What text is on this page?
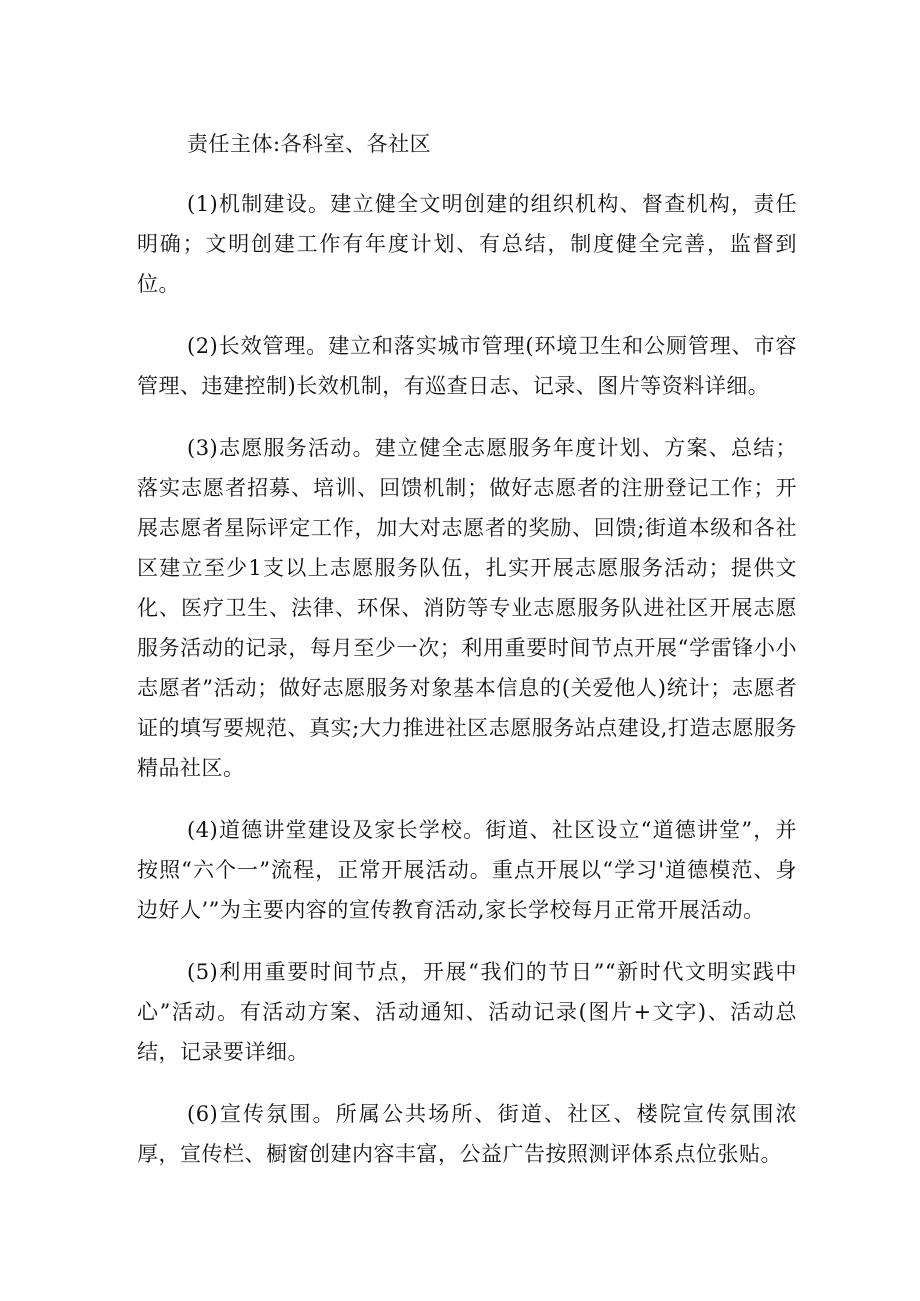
责任主体:各科室、各社区

(1)机制建设。建立健全文明创建的组织机构、督查机构，责任明确；文明创建工作有年度计划、有总结，制度健全完善，监督到位。

(2)长效管理。建立和落实城市管理(环境卫生和公厕管理、市容管理、违建控制)长效机制，有巡查日志、记录、图片等资料详细。

(3)志愿服务活动。建立健全志愿服务年度计划、方案、总结；落实志愿者招募、培训、回馈机制；做好志愿者的注册登记工作；开展志愿者星际评定工作，加大对志愿者的奖励、回馈;街道本级和各社区建立至少1支以上志愿服务队伍，扎实开展志愿服务活动；提供文化、医疗卫生、法律、环保、消防等专业志愿服务队进社区开展志愿服务活动的记录，每月至少一次；利用重要时间节点开展“学雷锋小小志愿者”活动；做好志愿服务对象基本信息的(关爱他人)统计；志愿者证的填写要规范、真实;大力推进社区志愿服务站点建设,打造志愿服务精品社区。

(4)道德讲堂建设及家长学校。街道、社区设立“道德讲堂”，并按照“六个一”流程，正常开展活动。重点开展以“学习'道德模范、身边好人’”为主要内容的宣传教育活动,家长学校每月正常开展活动。

(5)利用重要时间节点，开展“我们的节日”“新时代文明实践中心”活动。有活动方案、活动通知、活动记录(图片+文字)、活动总结，记录要详细。

(6)宣传氛围。所属公共场所、街道、社区、楼院宣传氛围浓厚，宣传栏、橱窗创建内容丰富，公益广告按照测评体系点位张贴。
